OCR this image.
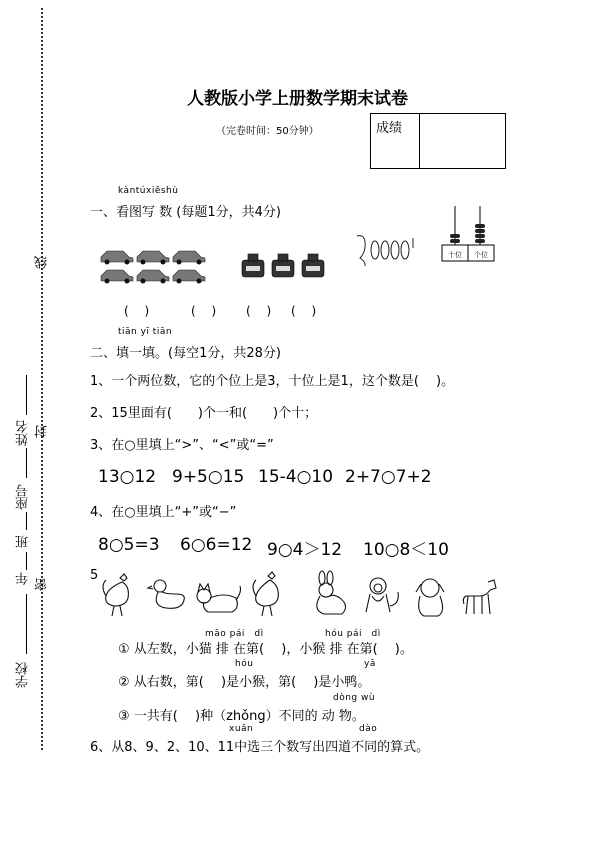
线
封
密
姓名
座号
班
年
学校
人教版小学上册数学期末试卷
（完卷时间：50分钟）	成绩
kàntúxiěshù
一、看图写 数 (每题1分，共4分)
十位 个位
(　 )	(　 ) (　 ) (　 )
tiān yī tiān
二、填一填。(每空1分，共28分)
1、一个两位数，它的个位上是3，十位上是1，这个数是(　 )。
2、15里面有(　　)个一和(　　)个十；
3、在○里填上“>”、“<”或“=”
13○12 9+5○15 15-4○10 2+7○7+2
4、在○里填上“+”或“−”
8○5=3 6○6=12 9○4＞12 10○8＜10
5
māo pái　dì	hóu pái　dì
① 从左数，小猫 排 在第(　 )，小猴 排 在第(　 )。
hóu	yā
② 从右数，第(　 )是小猴，第(　 )是小鸭。
dòng wù
③ 一共有(　 )种（zhǒng）不同的 动 物。
xuǎn	dào
6、从8、9、2、10、11中选三个数写出四道不同的算式。
